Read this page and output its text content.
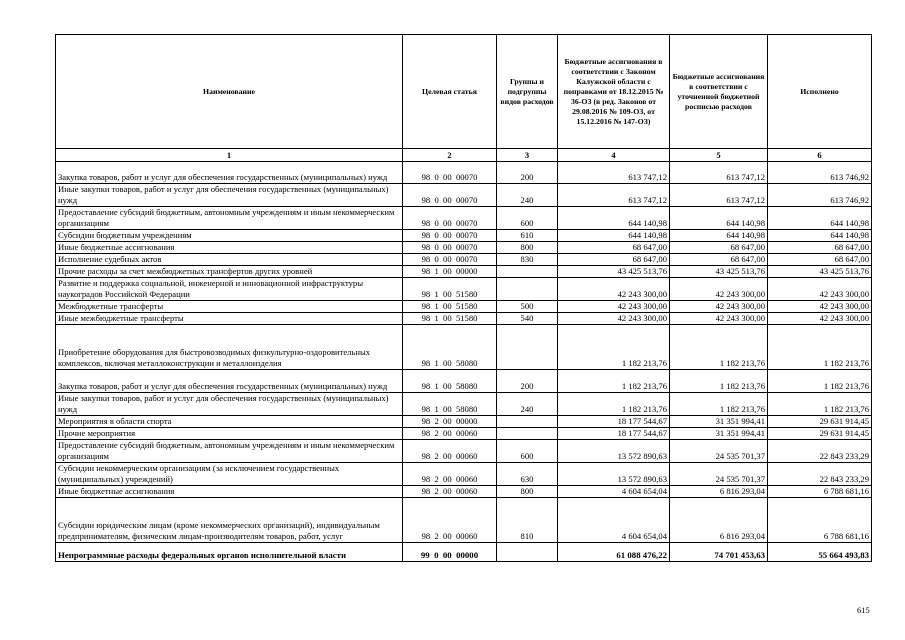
Наименование	Целевая статья	Группы и подгруппы видов расходов	Бюджетные ассигнования в соответствии с Законом Калужской области с поправками от 18.12.2015 № 36-ОЗ (в ред. Законов от 29.08.2016 № 109-ОЗ, от 15.12.2016 № 147-ОЗ)	Бюджетные ассигнования в соответствии с уточненной бюджетной росписью расходов	Исполнено
1	2	3	4	5	6
Закупка товаров, работ и услуг для обеспечения государственных (муниципальных) нужд	98  0  00  00070	200	613 747,12	613 747,12	613 746,92
Иные закупки товаров, работ и услуг для обеспечения государственных (муниципальных) нужд	98  0  00  00070	240	613 747,12	613 747,12	613 746,92
Предоставление субсидий бюджетным, автономным учреждениям и иным некоммерческим организациям	98  0  00  00070	600	644 140,98	644 140,98	644 140,98
Субсидии бюджетным учреждениям	98  0  00  00070	610	644 140,98	644 140,98	644 140,98
Иные бюджетные ассигнования	98  0  00  00070	800	68 647,00	68 647,00	68 647,00
Исполнение судебных актов	98  0  00  00070	830	68 647,00	68 647,00	68 647,00
Прочие расходы за счет межбюджетных трансфертов других уровней	98  1  00  00000		43 425 513,76	43 425 513,76	43 425 513,76
Развитие и поддержка социальной, инженерной и инновационной инфраструктуры наукоградов Российской Федерации	98  1  00  51580		42 243 300,00	42 243 300,00	42 243 300,00
Межбюджетные трансферты	98  1  00  51580	500	42 243 300,00	42 243 300,00	42 243 300,00
Иные межбюджетные трансферты	98  1  00  51580	540	42 243 300,00	42 243 300,00	42 243 300,00
Приобретение оборудования для быстровозводимых физкультурно-оздоровительных комплексов, включая металлоконструкции и металлоизделия	98  1  00  58080		1 182 213,76	1 182 213,76	1 182 213,76
Закупка товаров, работ и услуг для обеспечения государственных (муниципальных) нужд	98  1  00  58080	200	1 182 213,76	1 182 213,76	1 182 213,76
Иные закупки товаров, работ и услуг для обеспечения государственных (муниципальных) нужд	98  1  00  58080	240	1 182 213,76	1 182 213,76	1 182 213,76
Мероприятия в области спорта	98  2  00  00000		18 177 544,67	31 351 994,41	29 631 914,45
Прочие мероприятия	98  2  00  00060		18 177 544,67	31 351 994,41	29 631 914,45
Предоставление субсидий бюджетным, автономным учреждениям и иным некоммерческим организациям	98  2  00  00060	600	13 572 890,63	24 535 701,37	22 843 233,29
Субсидии некоммерческим организациям (за исключением государственных (муниципальных) учреждений)	98  2  00  00060	630	13 572 890,63	24 535 701,37	22 843 233,29
Иные бюджетные ассигнования	98  2  00  00060	800	4 604 654,04	6 816 293,04	6 788 681,16
Субсидии юридическим лицам (кроме некоммерческих организаций), индивидуальным предпринимателям, физическим лицам-производителям товаров, работ, услуг	98  2  00  00060	810	4 604 654,04	6 816 293,04	6 788 681,16
Непрограммные расходы федеральных органов исполнительной власти	99  0  00  00000		61 088 476,22	74 701 453,63	55 664 493,83
615
